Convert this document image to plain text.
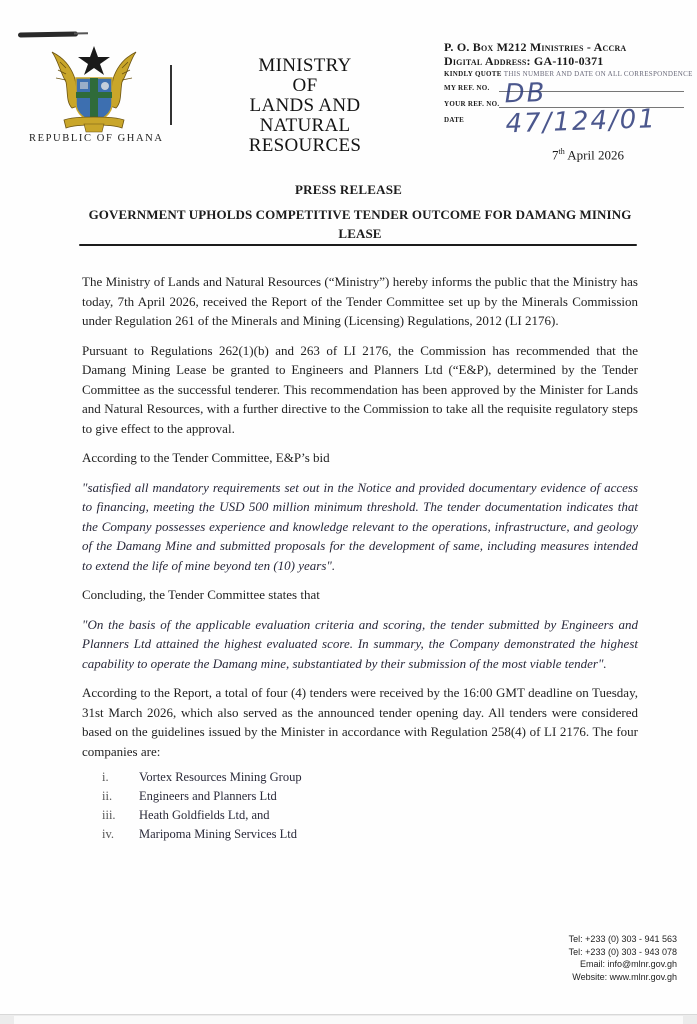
REPUBLIC OF GHANA
MINISTRY
OF
LANDS AND NATURAL
RESOURCES
P. O. Box M212 Ministries - Accra
Digital Address: GA-110-0371
KINDLY QUOTE THIS NUMBER AND DATE ON ALL CORRESPONDENCE
MY REF. NO.
YOUR REF. NO.
DATE
DB 47/124/01
7th April 2026
PRESS RELEASE
GOVERNMENT UPHOLDS COMPETITIVE TENDER OUTCOME FOR DAMANG MINING LEASE

The Ministry of Lands and Natural Resources (“Ministry”) hereby informs the public that the Ministry has today, 7th April 2026, received the Report of the Tender Committee set up by the Minerals Commission under Regulation 261 of the Minerals and Mining (Licensing) Regulations, 2012 (LI 2176).

Pursuant to Regulations 262(1)(b) and 263 of LI 2176, the Commission has recommended that the Damang Mining Lease be granted to Engineers and Planners Ltd (“E&P), determined by the Tender Committee as the successful tenderer. This recommendation has been approved by the Minister for Lands and Natural Resources, with a further directive to the Commission to take all the requisite regulatory steps to give effect to the approval.

According to the Tender Committee, E&P’s bid

"satisfied all mandatory requirements set out in the Notice and provided documentary evidence of access to financing, meeting the USD 500 million minimum threshold. The tender documentation indicates that the Company possesses experience and knowledge relevant to the operations, infrastructure, and geology of the Damang Mine and submitted proposals for the development of same, including measures intended to extend the life of mine beyond ten (10) years".

Concluding, the Tender Committee states that

"On the basis of the applicable evaluation criteria and scoring, the tender submitted by Engineers and Planners Ltd attained the highest evaluated score. In summary, the Company demonstrated the highest capability to operate the Damang mine, substantiated by their submission of the most viable tender".

According to the Report, a total of four (4) tenders were received by the 16:00 GMT deadline on Tuesday, 31st March 2026, which also served as the announced tender opening day. All tenders were considered based on the guidelines issued by the Minister in accordance with Regulation 258(4) of LI 2176. The four companies are:

i.	Vortex Resources Mining Group
ii.	Engineers and Planners Ltd
iii.	Heath Goldfields Ltd, and
iv.	Maripoma Mining Services Ltd
Tel: +233 (0) 303 - 941 563
Tel: +233 (0) 303 - 943 078
Email: info@mlnr.gov.gh
Website: www.mlnr.gov.gh
